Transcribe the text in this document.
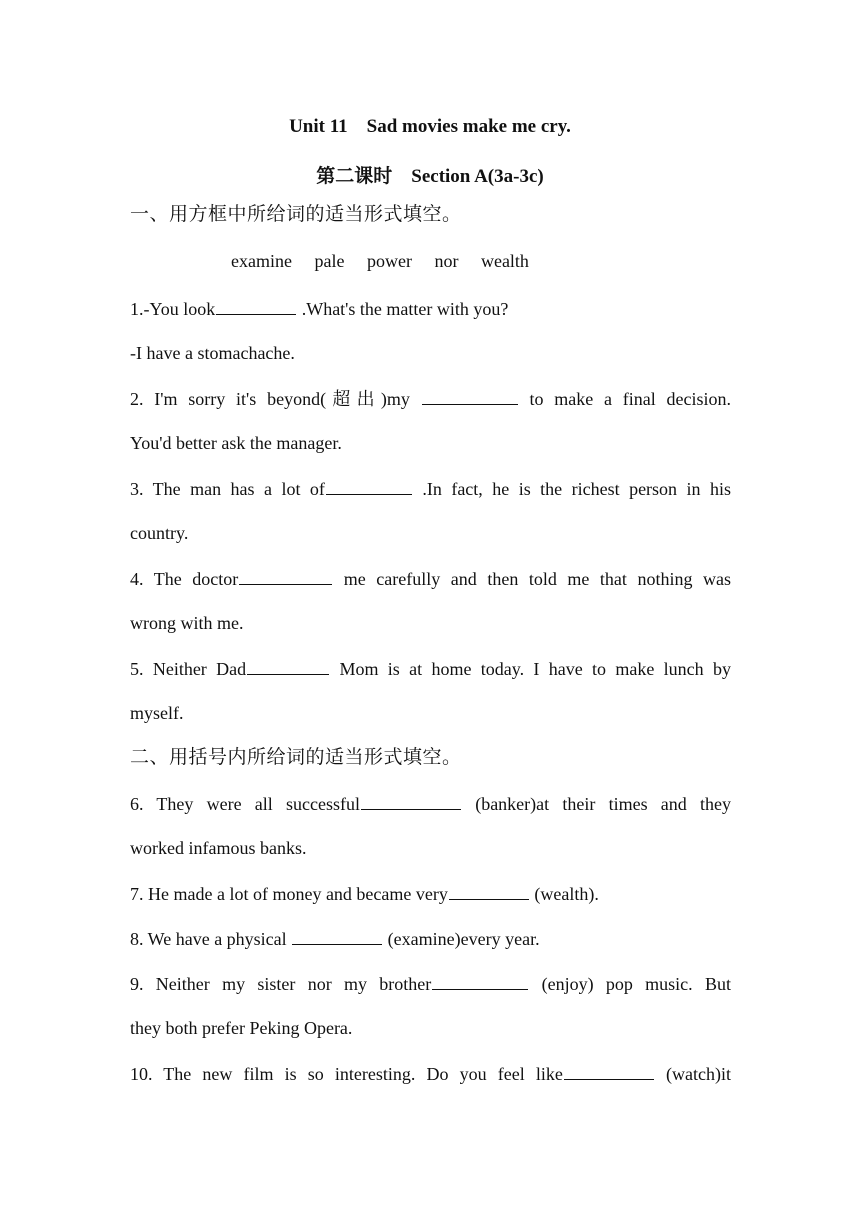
Unit 11    Sad movies make me cry.
第二课时    Section A(3a-3c)
一、用方框中所给词的适当形式填空。
examine pale power nor wealth
1.-You look	.What's the matter with you?
-I have a stomachache.
2. I'm sorry it's beyond(超出)my	to make a final decision.
You'd better ask the manager.
3. The man has a lot of	.In fact, he is the richest person in his
country.
4. The doctor	me carefully and then told me that nothing was
wrong with me.
5. Neither Dad	Mom is at home today. I have to make lunch by
myself.
二、用括号内所给词的适当形式填空。
6. They were all successful	(banker)at their times and they
worked infamous banks.
7. He made a lot of money and became very	(wealth).
8. We have a physical	(examine)every year.
9. Neither my sister nor my brother	(enjoy) pop music. But
they both prefer Peking Opera.
10. The new film is so interesting. Do you feel like	(watch)it
